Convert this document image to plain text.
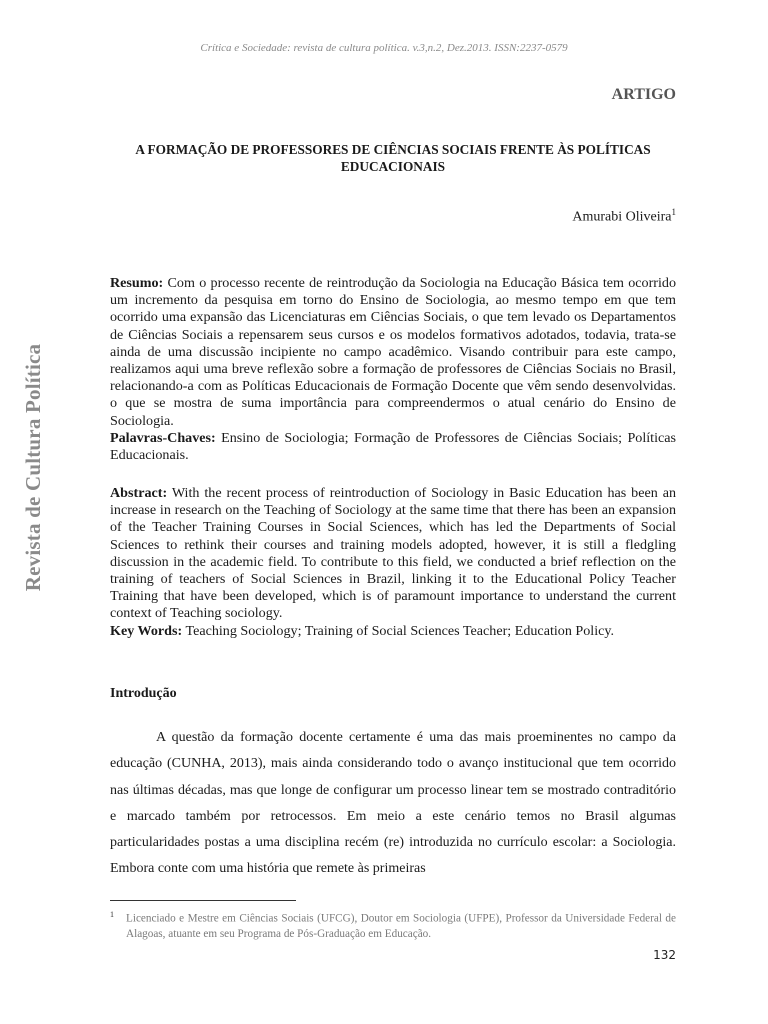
Crítica e Sociedade: revista de cultura política. v.3,n.2, Dez.2013. ISSN:2237-0579
Revista de Cultura Política
ARTIGO
A FORMAÇÃO DE PROFESSORES DE CIÊNCIAS SOCIAIS FRENTE ÀS POLÍTICAS EDUCACIONAIS
Amurabi Oliveira$^1$
Resumo: Com o processo recente de reintrodução da Sociologia na Educação Básica tem ocorrido um incremento da pesquisa em torno do Ensino de Sociologia, ao mesmo tempo em que tem ocorrido uma expansão das Licenciaturas em Ciências Sociais, o que tem levado os Departamentos de Ciências Sociais a repensarem seus cursos e os modelos formativos adotados, todavia, trata-se ainda de uma discussão incipiente no campo acadêmico. Visando contribuir para este campo, realizamos aqui uma breve reflexão sobre a formação de professores de Ciências Sociais no Brasil, relacionando-a com as Políticas Educacionais de Formação Docente que vêm sendo desenvolvidas. o que se mostra de suma importância para compreendermos o atual cenário do Ensino de Sociologia.
Palavras-Chaves: Ensino de Sociologia; Formação de Professores de Ciências Sociais; Políticas Educacionais.
Abstract: With the recent process of reintroduction of Sociology in Basic Education has been an increase in research on the Teaching of Sociology at the same time that there has been an expansion of the Teacher Training Courses in Social Sciences, which has led the Departments of Social Sciences to rethink their courses and training models adopted, however, it is still a fledgling discussion in the academic field. To contribute to this field, we conducted a brief reflection on the training of teachers of Social Sciences in Brazil, linking it to the Educational Policy Teacher Training that have been developed, which is of paramount importance to understand the current context of Teaching sociology.
Key Words: Teaching Sociology; Training of Social Sciences Teacher; Education Policy.
Introdução
A questão da formação docente certamente é uma das mais proeminentes no campo da educação (CUNHA, 2013), mais ainda considerando todo o avanço institucional que tem ocorrido nas últimas décadas, mas que longe de configurar um processo linear tem se mostrado contraditório e marcado também por retrocessos. Em meio a este cenário temos no Brasil algumas particularidades postas a uma disciplina recém (re) introduzida no currículo escolar: a Sociologia. Embora conte com uma história que remete às primeiras
$^1$ Licenciado e Mestre em Ciências Sociais (UFCG), Doutor em Sociologia (UFPE), Professor da Universidade Federal de Alagoas, atuante em seu Programa de Pós-Graduação em Educação.
132
